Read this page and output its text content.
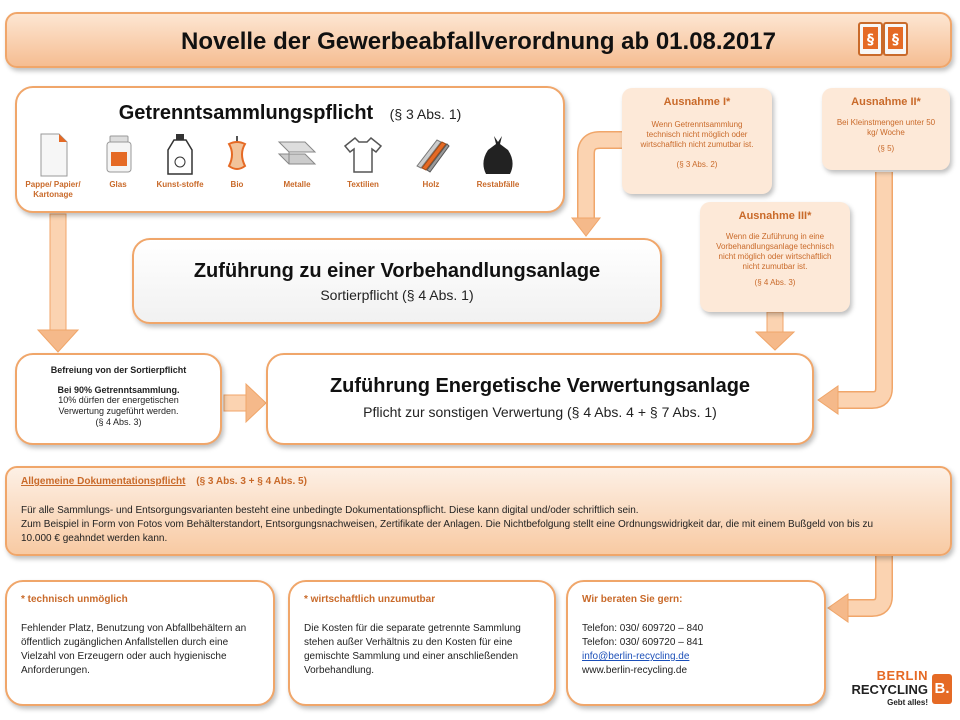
Novelle der Gewerbeabfallverordnung ab 01.08.2017	§ §
Getrenntsammlungspflicht (§ 3 Abs. 1)
Pappe/ Papier/ Kartonage
Glas	Kunst-stoffe	Bio	Metalle	Textilien	Holz	Restabfälle
Ausnahme I*
Wenn Getrenntsammlung technisch nicht möglich oder wirtschaftlich nicht zumutbar ist.
(§ 3 Abs. 2)
Ausnahme II*
Bei Kleinstmengen unter 50 kg/ Woche
(§ 5)
Ausnahme III*
Wenn die Zuführung in eine Vorbehandlungsanlage technisch nicht möglich oder wirtschaftlich nicht zumutbar ist.
(§ 4 Abs. 3)
Zuführung zu einer Vorbehandlungsanlage
Sortierpflicht (§ 4 Abs. 1)
Befreiung von der Sortierpflicht
Bei 90% Getrenntsammlung.
10% dürfen der energetischen Verwertung zugeführt werden.
(§ 4 Abs. 3)
Zuführung Energetische Verwertungsanlage
Pflicht zur sonstigen Verwertung (§ 4 Abs. 4 + § 7 Abs. 1)
Allgemeine Dokumentationspflicht (§ 3 Abs. 3 + § 4 Abs. 5)
Für alle Sammlungs- und Entsorgungsvarianten besteht eine unbedingte Dokumentationspflicht. Diese kann digital und/oder schriftlich sein.
Zum Beispiel in Form von Fotos vom Behälterstandort, Entsorgungsnachweisen, Zertifikate der Anlagen. Die Nichtbefolgung stellt eine Ordnungswidrigkeit dar, die mit einem Bußgeld von bis zu 10.000 € geahndet werden kann.
* technisch unmöglich
Fehlender Platz, Benutzung von Abfallbehältern an öffentlich zugänglichen Anfallstellen durch eine Vielzahl von Erzeugern oder auch hygienische Anforderungen.
* wirtschaftlich unzumutbar
Die Kosten für die separate getrennte Sammlung stehen außer Verhältnis zu den Kosten für eine gemischte Sammlung und einer anschließenden Vorbehandlung.
Wir beraten Sie gern:
Telefon: 030/ 609720 – 840
Telefon: 030/ 609720 – 841
info@berlin-recycling.de
www.berlin-recycling.de	BERLIN
RECYCLING
Gebt alles!
B.
